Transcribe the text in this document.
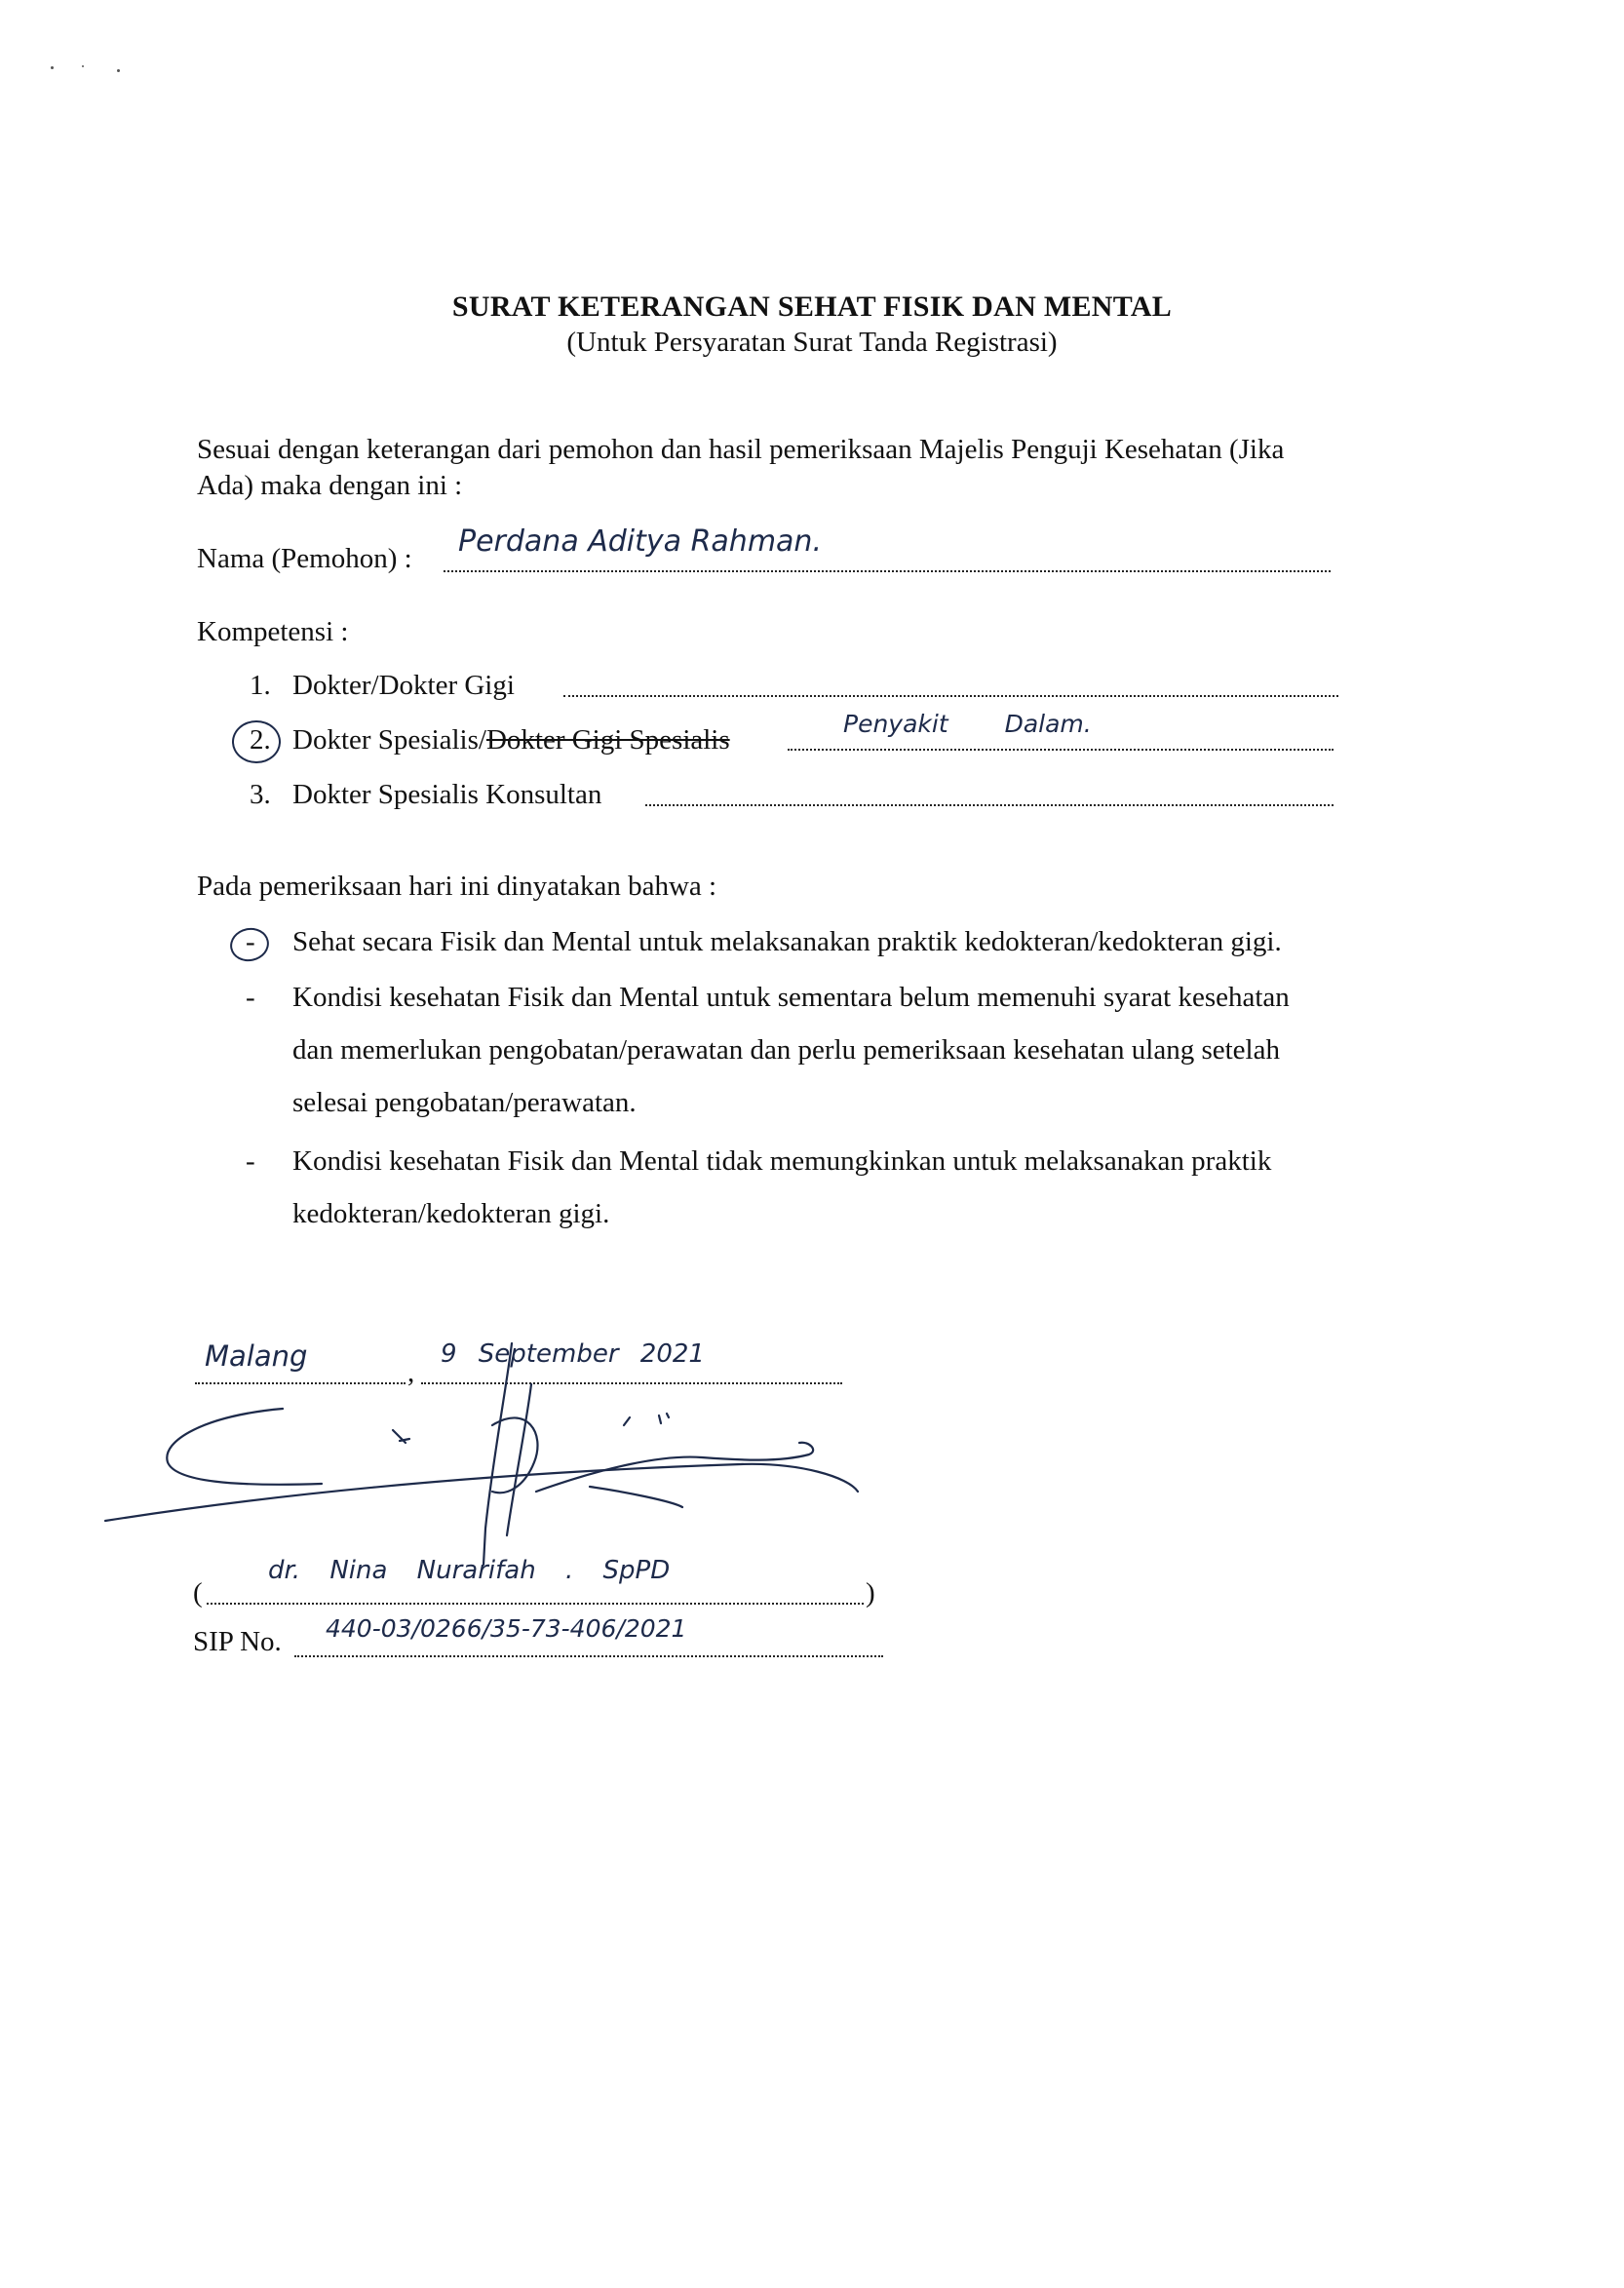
SURAT KETERANGAN SEHAT FISIK DAN MENTAL
(Untuk Persyaratan Surat Tanda Registrasi)
Sesuai dengan keterangan dari pemohon dan hasil pemeriksaan Majelis Penguji Kesehatan (Jika
Ada) maka dengan ini :
Nama (Pemohon) : Perdana Aditya Rahman.
Kompetensi :
1. Dokter/Dokter Gigi
2. Dokter Spesialis/Dokter Gigi Spesialis
Penyakit Dalam.
3. Dokter Spesialis Konsultan
Pada pemeriksaan hari ini dinyatakan bahwa :
- Sehat secara Fisik dan Mental untuk melaksanakan praktik kedokteran/kedokteran gigi.
- Kondisi kesehatan Fisik dan Mental untuk sementara belum memenuhi syarat kesehatan
dan memerlukan pengobatan/perawatan dan perlu pemeriksaan kesehatan ulang setelah
selesai pengobatan/perawatan.
- Kondisi kesehatan Fisik dan Mental tidak memungkinkan untuk melaksanakan praktik
kedokteran/kedokteran gigi.
,
Malang	9 September 2021
(	)
dr. Nina Nurarifah . SpPD
SIP No. 440-03/0266/35-73-406/2021
